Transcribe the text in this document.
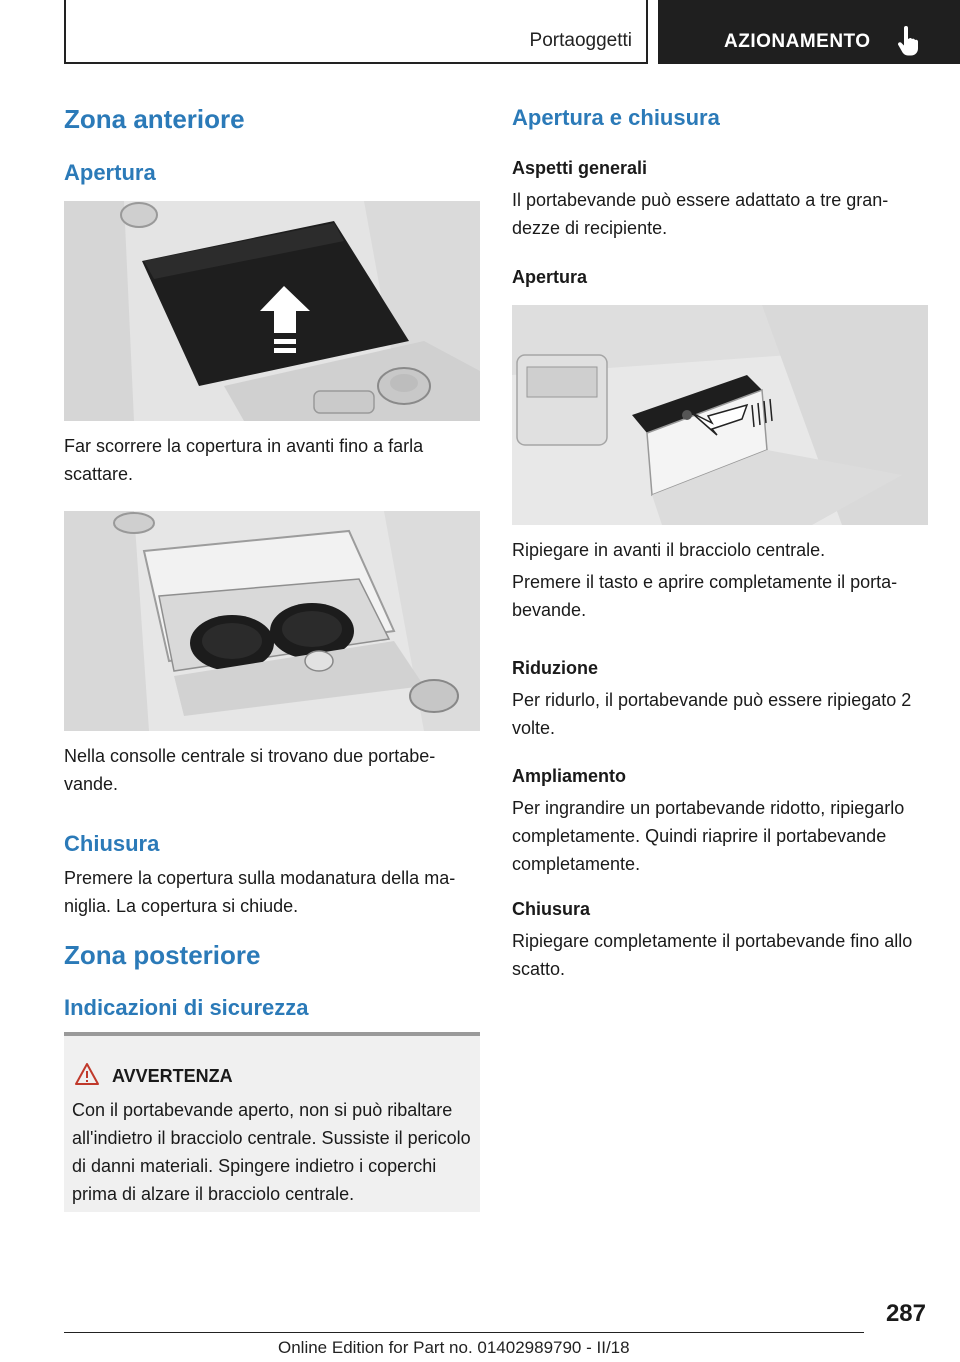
Portaoggetti	AZIONAMENTO
Zona anteriore
Apertura

Far scorrere la copertura in avanti fino a farla scattare.

Nella consolle centrale si trovano due portabevande.

Chiusura

Premere la copertura sulla modanatura della maniglia. La copertura si chiude.

Zona posteriore
Indicazioni di sicurezza
AVVERTENZA

Con il portabevande aperto, non si può ribaltare all'indietro il bracciolo centrale. Sussiste il pericolo di danni materiali. Spingere indietro i coperchi prima di alzare il bracciolo centrale.

Apertura e chiusura
Aspetti generali

Il portabevande può essere adattato a tre grandezze di recipiente.

Apertura

Ripiegare in avanti il bracciolo centrale.

Premere il tasto e aprire completamente il portabevande.

Riduzione

Per ridurlo, il portabevande può essere ripiegato 2 volte.

Ampliamento

Per ingrandire un portabevande ridotto, ripiegarlo completamente. Quindi riaprire il portabevande completamente.

Chiusura

Ripiegare completamente il portabevande fino allo scatto.

287
Online Edition for Part no. 01402989790 - II/18
